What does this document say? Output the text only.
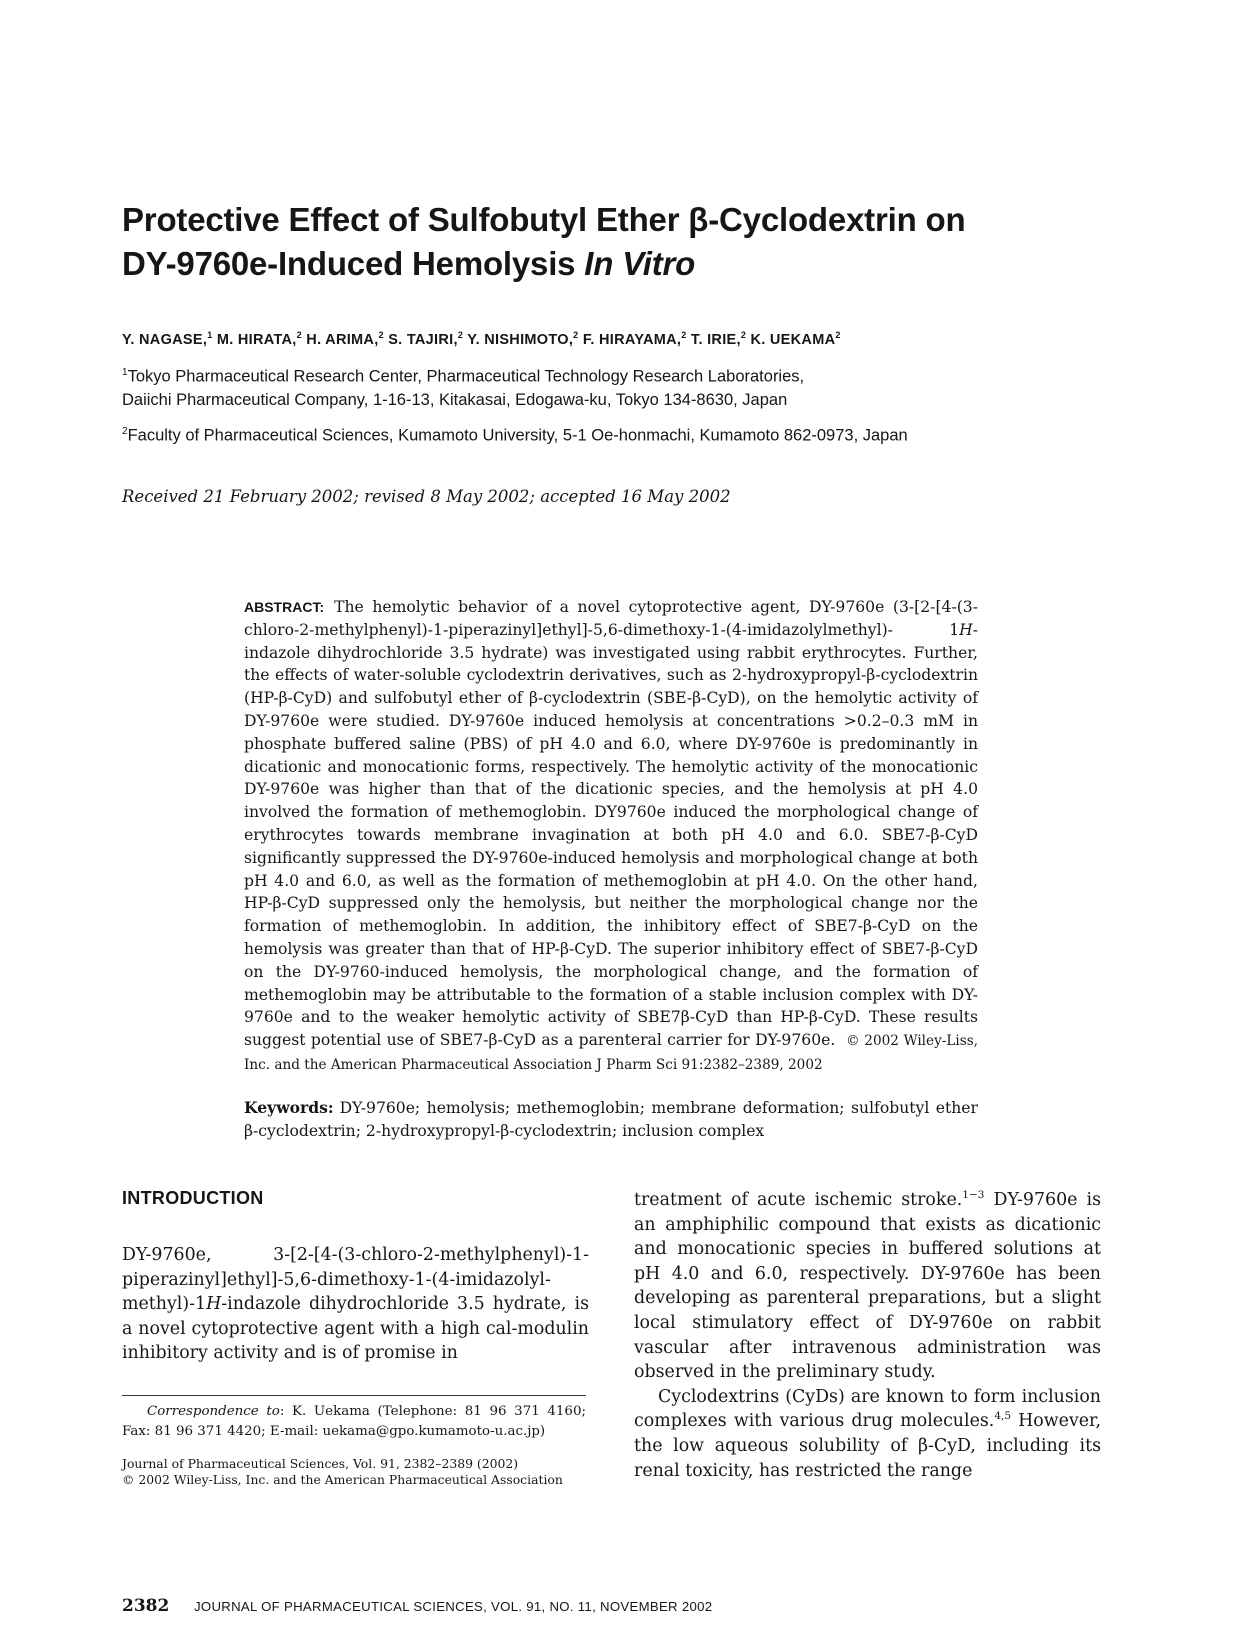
Protective Effect of Sulfobutyl Ether β-Cyclodextrin on
DY-9760e-Induced Hemolysis In Vitro
Y. NAGASE,$^1$ M. HIRATA,$^2$ H. ARIMA,$^2$ S. TAJIRI,$^2$ Y. NISHIMOTO,$^2$ F. HIRAYAMA,$^2$ T. IRIE,$^2$ K. UEKAMA$^2$
$^1$Tokyo Pharmaceutical Research Center, Pharmaceutical Technology Research Laboratories,
Daiichi Pharmaceutical Company, 1-16-13, Kitakasai, Edogawa-ku, Tokyo 134-8630, Japan
$^2$Faculty of Pharmaceutical Sciences, Kumamoto University, 5-1 Oe-honmachi, Kumamoto 862-0973, Japan
Received 21 February 2002; revised 8 May 2002; accepted 16 May 2002
ABSTRACT: The hemolytic behavior of a novel cytoprotective agent, DY-9760e (3-[2-[4-(3-chloro-2-methylphenyl)-1-piperazinyl]ethyl]-5,6-dimethoxy-1-(4-imidazolylmethyl)-	1H-indazole dihydrochloride 3.5 hydrate) was investigated using rabbit erythrocytes. Further, the effects of water-soluble cyclodextrin derivatives, such as 2-hydroxypropyl-β-cyclodextrin (HP-β-CyD) and sulfobutyl ether of β-cyclodextrin (SBE-β-CyD), on the hemolytic activity of DY-9760e were studied. DY-9760e induced hemolysis at concentrations >0.2–0.3 mM in phosphate buffered saline (PBS) of pH 4.0 and 6.0, where DY-9760e is predominantly in dicationic and monocationic forms, respectively. The hemolytic activity of the monocationic DY-9760e was higher than that of the dicationic species, and the hemolysis at pH 4.0 involved the formation of methemoglobin. DY9760e induced the morphological change of erythrocytes towards membrane invagination at both pH 4.0 and 6.0. SBE7-β-CyD significantly suppressed the DY-9760e-induced hemolysis and morphological change at both pH 4.0 and 6.0, as well as the formation of methemoglobin at pH 4.0. On the other hand, HP-β-CyD suppressed only the hemolysis, but neither the morphological change nor the formation of methemoglobin. In addition, the inhibitory effect of SBE7-β-CyD on the hemolysis was greater than that of HP-β-CyD. The superior inhibitory effect of SBE7-β-CyD on the DY-9760-induced hemolysis, the morphological change, and the formation of methemoglobin may be attributable to the formation of a stable inclusion complex with DY-9760e and to the weaker hemolytic activity of SBE7β-CyD than HP-β-CyD. These results suggest potential use of SBE7-β-CyD as a parenteral carrier for DY-9760e. © 2002 Wiley-Liss, Inc. and the American Pharmaceutical Association J Pharm Sci 91:2382–2389, 2002
Keywords: DY-9760e; hemolysis; methemoglobin; membrane deformation; sulfobutyl ether β-cyclodextrin; 2-hydroxypropyl-β-cyclodextrin; inclusion complex
INTRODUCTION
DY-9760e, 3-[2-[4-(3-chloro-2-methylphenyl)-1-piperazinyl]ethyl]-5,6-dimethoxy-1-(4-imidazolyl-methyl)-1H-indazole dihydrochloride 3.5 hydrate, is a novel cytoprotective agent with a high cal-modulin inhibitory activity and is of promise in

treatment of acute ischemic stroke.$^{1-3}$ DY-9760e is an amphiphilic compound that exists as dicationic and monocationic species in buffered solutions at pH 4.0 and 6.0, respectively. DY-9760e has been developing as parenteral preparations, but a slight local stimulatory effect of DY-9760e on rabbit vascular after intravenous administration was observed in the preliminary study.

Cyclodextrins (CyDs) are known to form inclusion complexes with various drug molecules.$^{4,5}$ However, the low aqueous solubility of β-CyD, including its renal toxicity, has restricted the range

Correspondence to: K. Uekama (Telephone: 81 96 371 4160; Fax: 81 96 371 4420; E-mail: uekama@gpo.kumamoto-u.ac.jp)
Journal of Pharmaceutical Sciences, Vol. 91, 2382–2389 (2002)
© 2002 Wiley-Liss, Inc. and the American Pharmaceutical Association
2382 JOURNAL OF PHARMACEUTICAL SCIENCES, VOL. 91, NO. 11, NOVEMBER 2002
